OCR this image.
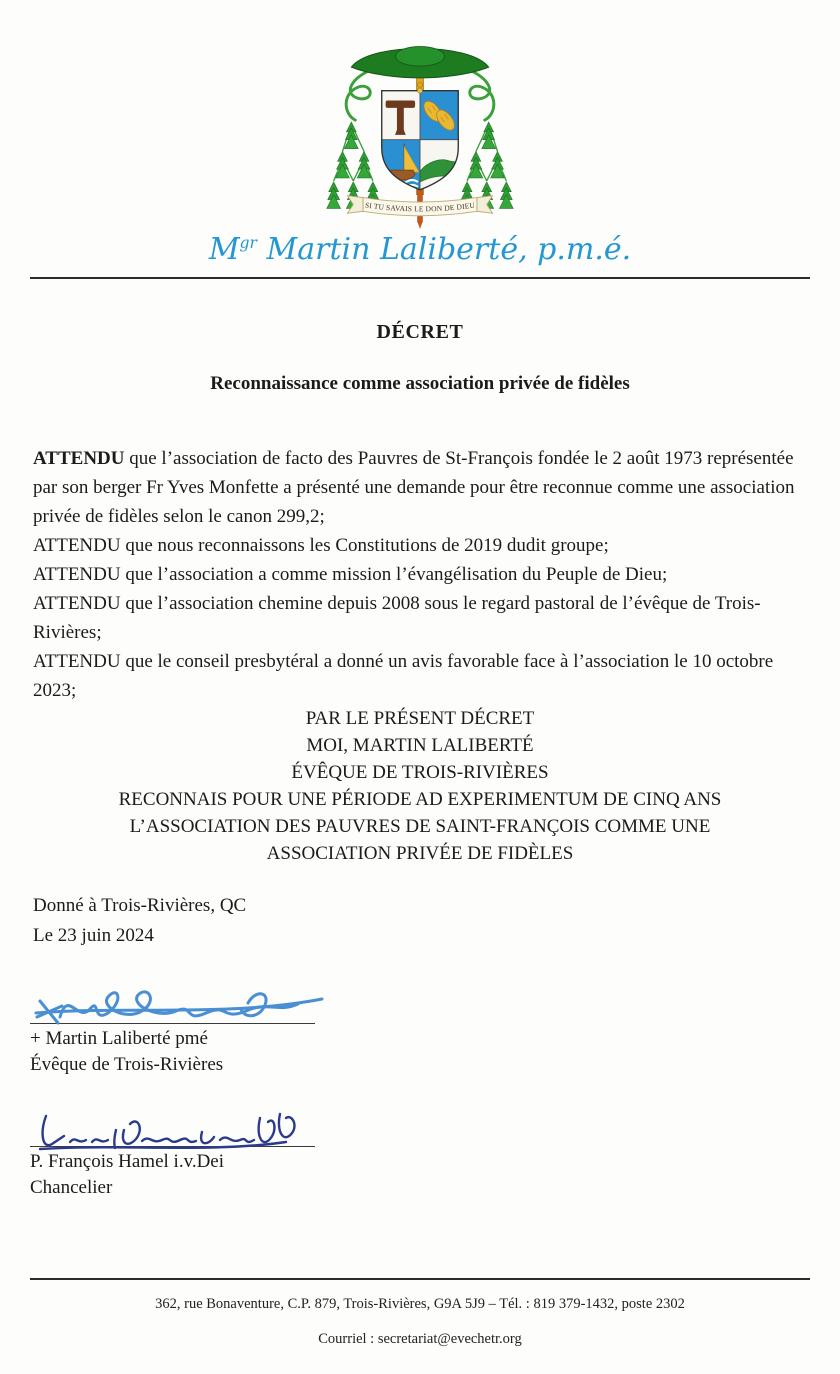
SI TU SAVAIS LE DON DE DIEU
$M^{gr}$ Martin Laliberté, p.m.é.
DÉCRET
Reconnaissance comme association privée de fidèles
ATTENDU que l’association de facto des Pauvres de St-François fondée le 2 août 1973 représentée par son berger Fr Yves Monfette a présenté une demande pour être reconnue comme une association privée de fidèles selon le canon 299,2;
ATTENDU que nous reconnaissons les Constitutions de 2019 dudit groupe;
ATTENDU que l’association a comme mission l’évangélisation du Peuple de Dieu;
ATTENDU que l’association chemine depuis 2008 sous le regard pastoral de l’évêque de Trois-Rivières;
ATTENDU que le conseil presbytéral a donné un avis favorable face à l’association le 10 octobre 2023;
PAR LE PRÉSENT DÉCRET
MOI, MARTIN LALIBERTÉ
ÉVÊQUE DE TROIS-RIVIÈRES
RECONNAIS POUR UNE PÉRIODE AD EXPERIMENTUM DE CINQ ANS
L’ASSOCIATION DES PAUVRES DE SAINT-FRANÇOIS COMME UNE
ASSOCIATION PRIVÉE DE FIDÈLES
Donné à Trois-Rivières, QC
Le 23 juin 2024
+ Martin Laliberté pmé
Évêque de Trois-Rivières
P. François Hamel i.v.Dei
Chancelier
362, rue Bonaventure, C.P. 879, Trois-Rivières, G9A 5J9 – Tél. : 819 379-1432, poste 2302
Courriel : secretariat@evechetr.org
